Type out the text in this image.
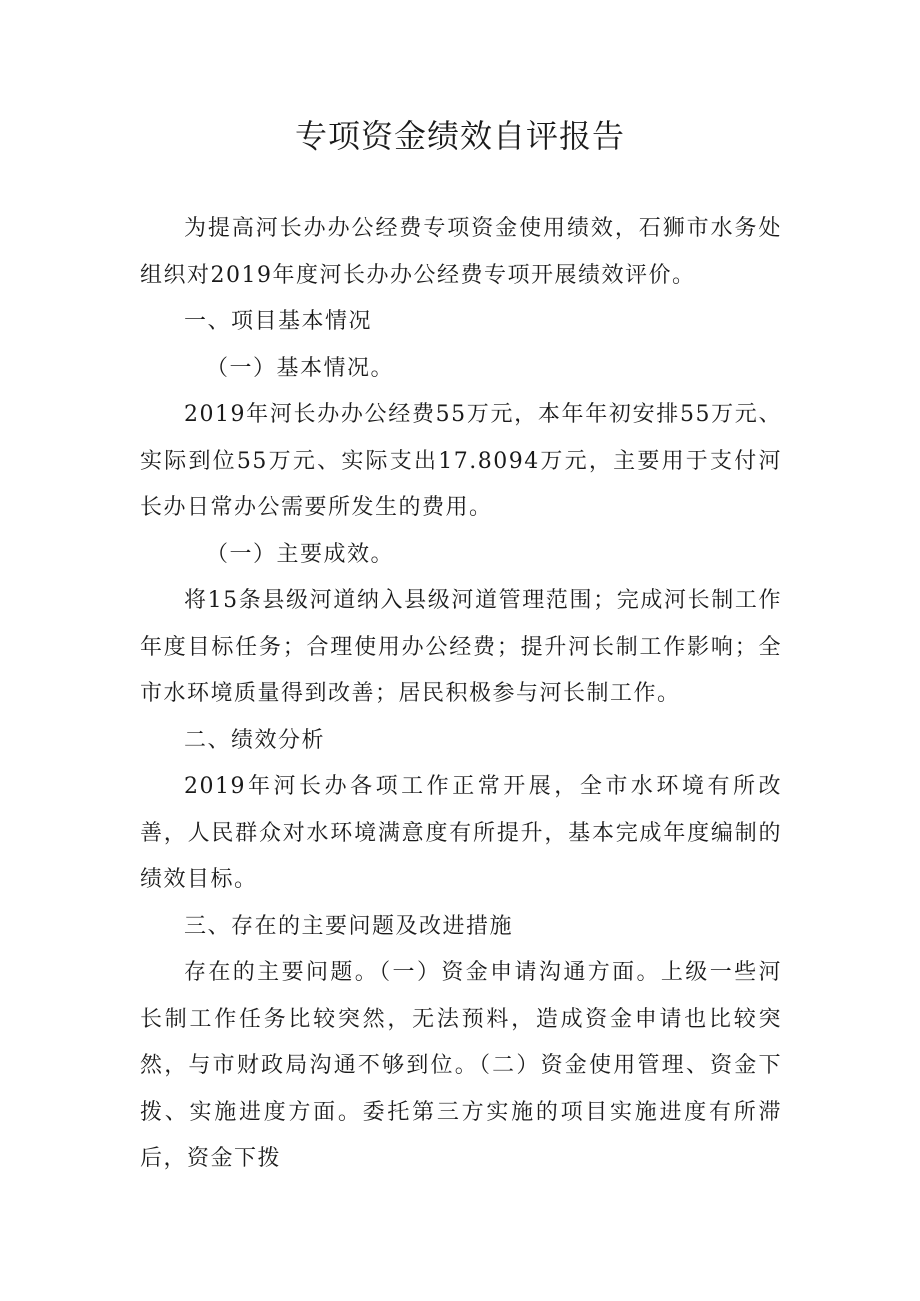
专项资金绩效自评报告

为提高河长办办公经费专项资金使用绩效，石狮市水务处组织对2019年度河长办办公经费专项开展绩效评价。

一、项目基本情况

（一）基本情况。

2019年河长办办公经费55万元，本年年初安排55万元、实际到位55万元、实际支出17.8094万元，主要用于支付河长办日常办公需要所发生的费用。

（一）主要成效。

将15条县级河道纳入县级河道管理范围；完成河长制工作年度目标任务；合理使用办公经费；提升河长制工作影响；全市水环境质量得到改善；居民积极参与河长制工作。

二、绩效分析

2019年河长办各项工作正常开展，全市水环境有所改善，人民群众对水环境满意度有所提升，基本完成年度编制的绩效目标。

三、存在的主要问题及改进措施

存在的主要问题。（一）资金申请沟通方面。上级一些河长制工作任务比较突然，无法预料，造成资金申请也比较突然，与市财政局沟通不够到位。（二）资金使用管理、资金下拨、实施进度方面。委托第三方实施的项目实施进度有所滞后，资金下拨
